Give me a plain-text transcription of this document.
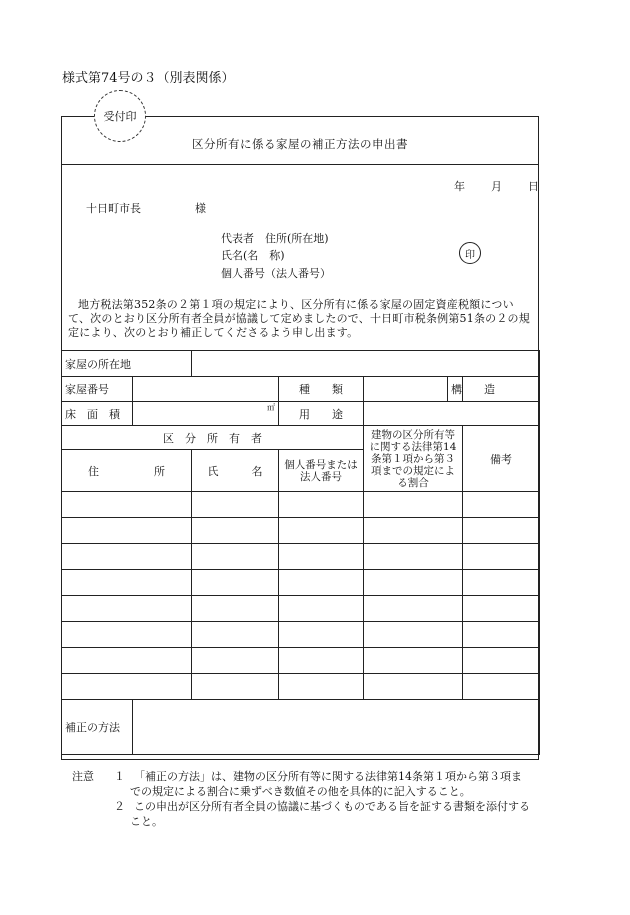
様式第74号の３（別表関係）
受付印
区分所有に係る家屋の補正方法の申出書
年 月 日
十日町市長	様
代表者　住所(所在地)
氏名(名　称)
個人番号（法人番号）
印
地方税法第352条の２第１項の規定により、区分所有に係る家屋の固定資産税額について、次のとおり区分所有者全員が協議して定めましたので、十日町市税条例第51条の２の規定により、次のとおり補正してくださるよう申し出ます。
家屋の所在地						

家屋番号			種　　類		構　　造	
床　面　積	㎡		用　　途			
区　分　所　有　者				建物の区分所有等に関する法律第14条第１項から第３項までの規定による割合		備考
住　　　　　所		氏　　　名	個人番号または法人番号			

補正の方法						
注意 １ 「補正の方法」は、建物の区分所有等に関する法律第14条第１項から第３項までの規定による割合に乗ずべき数値その他を具体的に記入すること。
２ この申出が区分所有者全員の協議に基づくものである旨を証する書類を添付すること。
